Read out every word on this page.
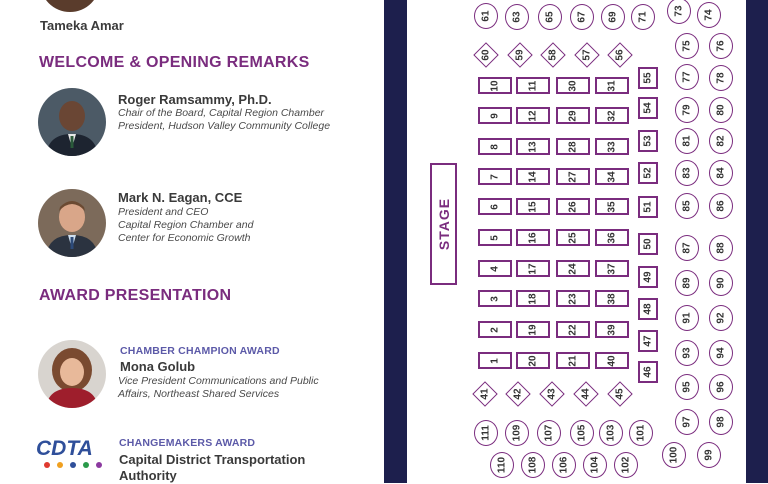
Tameka Amar
WELCOME & OPENING REMARKS
Roger Ramsammy, Ph.D.
Chair of the Board, Capital Region Chamber
President, Hudson Valley Community College
Mark N. Eagan, CCE
President and CEO
Capital Region Chamber and
Center for Economic Growth
AWARD PRESENTATION
CHAMBER CHAMPION AWARD
Mona Golub
Vice President Communications and Public
Affairs, Northeast Shared Services
CDTA CHANGEMAKERS AWARD
Capital District Transportation
Authority
STAGE
10	11	30	31
9	12	29	32
8	13	28	33
7	14	27	34
6	15	26	35
5	16	25	36
4	17	24	37
3	18	23	38
2	19	22	39
1	20	21	40
55
54
53
52
51
50
49
48
47
46
60 59 58 57 56
41 42 43 44 45
61 63 65 67 69 71
73 74
75 76
77 78
79 80
81 82
83 84
85 86
87 88
89 90
91 92
93 94
95 96
97 98
99
100
101
103
105
107
109
111
110 108 106 104 102
